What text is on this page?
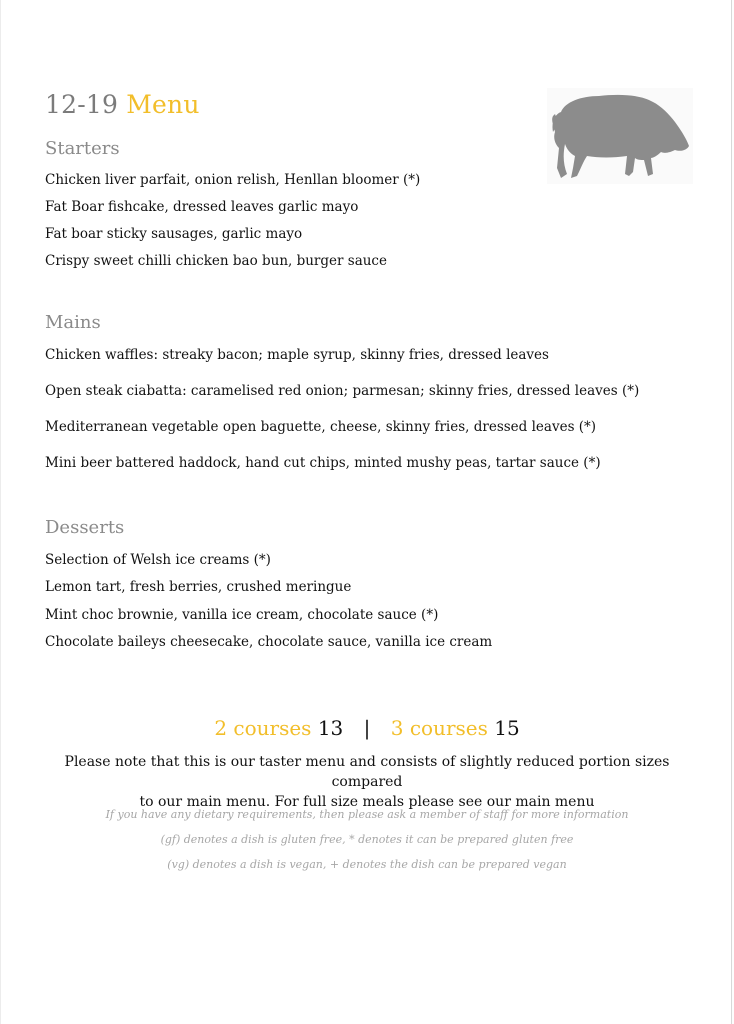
12-19 Menu
Starters
Chicken liver parfait, onion relish, Henllan bloomer (*)
Fat Boar fishcake, dressed leaves garlic mayo
Fat boar sticky sausages, garlic mayo
Crispy sweet chilli chicken bao bun, burger sauce
Mains
Chicken waffles: streaky bacon; maple syrup, skinny fries, dressed leaves
Open steak ciabatta: caramelised red onion; parmesan; skinny fries, dressed leaves (*)
Mediterranean vegetable open baguette, cheese, skinny fries, dressed leaves (*)
Mini beer battered haddock, hand cut chips, minted mushy peas, tartar sauce (*)
Desserts
Selection of Welsh ice creams (*)
Lemon tart, fresh berries, crushed meringue
Mint choc brownie, vanilla ice cream, chocolate sauce (*)
Chocolate baileys cheesecake, chocolate sauce, vanilla ice cream
2 courses 13 | 3 courses 15
Please note that this is our taster menu and consists of slightly reduced portion sizes compared
to our main menu. For full size meals please see our main menu
If you have any dietary requirements, then please ask a member of staff for more information
(gf) denotes a dish is gluten free, * denotes it can be prepared gluten free
(vg) denotes a dish is vegan, + denotes the dish can be prepared vegan
